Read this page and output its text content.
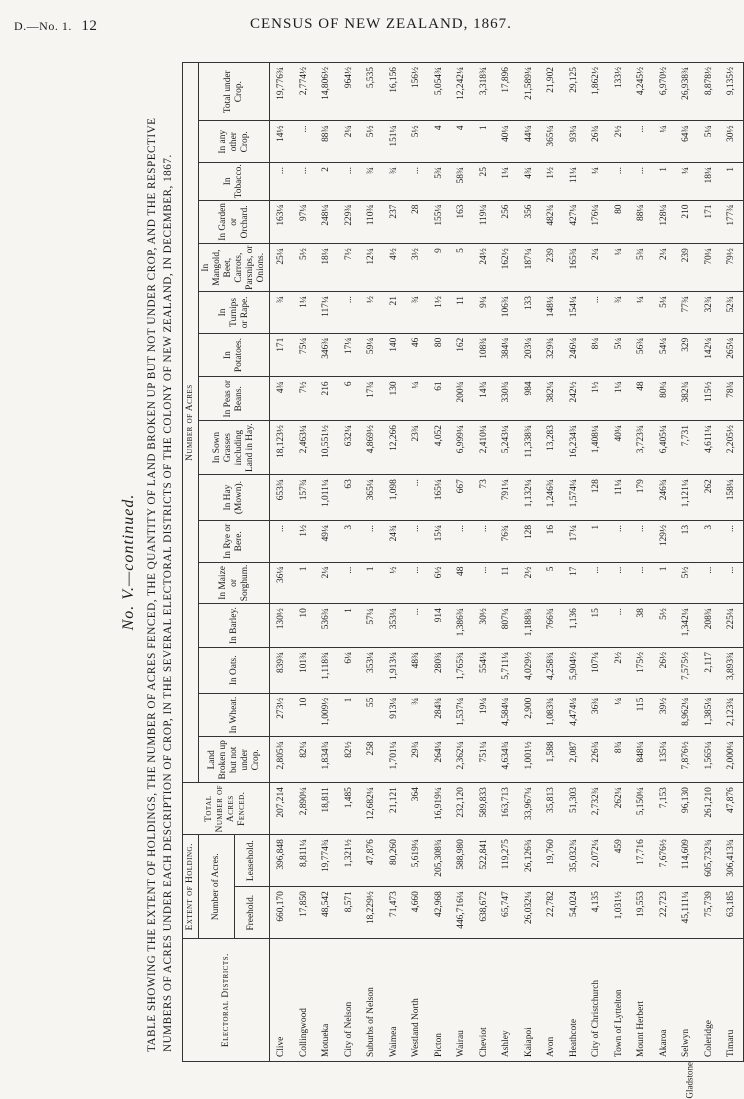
D.—No. 1. 12	CENSUS OF NEW ZEALAND, 1867.
No. V.—continued. TABLE SHOWING THE EXTENT OF HOLDINGS, THE NUMBER OF ACRES FENCED, THE QUANTITY OF LAND BROKEN UP BUT NOT UNDER CROP, AND THE RESPECTIVE NUMBERS OF ACRES UNDER EACH DESCRIPTION OF CROP, IN THE SEVERAL ELECTORAL DISTRICTS OF THE COLONY OF NEW ZEALAND, IN DECEMBER, 1867.	Electoral Districts.	Extent of Holding.		Total Number of Acres Fenced.	Number of Acres															
	Number of Acres.			Land Broken up but not under Crop.	In Wheat.	In Oats.	In Barley.	In Maize or Sorghum.	In Rye or Bere.	In Hay (Mown).	In Sown Grasses including Land in Hay.	In Peas or Beans.	In Potatoes.	In Turnips or Rape.	In Mangold, Beet, Carrots, Parsnips, or Onions.	In Garden or Orchard.	In Tobacco.	In any other Crop.	Total under Crop.
	Freehold.	Leasehold.																	
Clive	660,170	396,848	207,214	2,805¾	273½	839¾	130½	36¼	...	653¾	18,123½	4¾	171	¾	25¼	163¼	...	14½	19,776¾
Collingwood	17,850	8,811¼	2,890¼	82¼	10	101¾	10	1	1½	157¾	2,463¼	7½	75¼	1¼	5½	97¼	...	...	2,774½
Motueka	48,542	19,774¾	18,811	1,834¾	1,009½	1,118¾	536¾	2¼	49¼	1,011¼	10,551½	216	346¾	117¼	18¼	248¼	2	88¾	14,806½
City of Nelson	8,571	1,321½	1,485	82½	1	6¼	1	...	3	63	632¼	6	17¼	...	7½	229¾	...	2¼	964½
Suburbs of Nelson	18,229½	47,876	12,682¼	258	55	353¼	57¼	1	...	365¼	4,869½	17¾	59¼	½	12¼	110¾	¾	5½	5,535
Waimea	71,473	80,260	21,121	1,701¼	913¼	1,913¼	353¼	½	24¾	1,098	12,266	130	140	21	4½	237	¾	151¼	16,156
Westland North	4,660	5,619¼	364	29¾	¾	48¾	...	...	...	...	23¾	¼	46	¾	3½	28	...	5½	156½
Picton	42,968	205,308¾	16,919¼	264¼	284¾	280¾	914	6½	15¼	165¼	4,052	61	80	1½	9	155¼	5¾	4	5,054¾
Wairau	446,716¼	588,980	232,120	2,362¼	1,537¼	1,765¾	1,386¾	48	...	667	6,999¼	200¾	162	11	5	163	58¾	4	12,242¼
Cheviot	638,672	522,841	589,833	751¼	19¼	554¼	30½	...	...	73	2,410¼	14¾	108¾	9¼	24½	119¼	25	1	3,318¾
Ashley	65,747	119,275	163,713	4,634¾	4,584¼	5,711¼	807¼	11	76¾	791¼	5,243¼	330¾	384¼	106¾	162½	256	1¼	40¼	17,896
Kaiapoi	26,032¼	26,126¾	33,967¼	1,001½	2,900	4,029½	1,188¾	2½	128	1,132¼	11,338¾	984	203¼	133	187¼	356	4¾	44¼	21,589¼
Avon	22,782	19,760	35,813	1,588	1,083¾	4,258¾	766¾	5	16	1,246¾	13,283	382¼	329¾	148¼	239	482¾	1½	365¼	21,902
Heathcote	54,024	35,032¾	51,303	2,087	4,474¼	5,904½	1,136	17	17¼	1,574¼	16,234¾	242½	246¼	154¼	165¾	427¼	11¼	93¼	29,125
City of Christchurch	4,135	2,072¼	2,732¾	226¾	36¾	107¼	15	...	1	128	1,408¼	1½	8¼	...	2¼	176¼	¼	26¾	1,862½
Town of Lyttelton	1,031½	459	262¼	8¾	¼	2½	...	...	...	11¼	40¼	1¼	5¼	¾	¼	80	...	2½	133½
Mount Herbert	19,553	17,716	5,150¼	848¼	115	175½	38	...	...	179	3,723¾	48	56¾	¼	5¾	88¼	...	...	4,245½
Akaroa	22,723	7,676½	7,153	135¼	39½	26½	5½	1	129½	246¾	6,405¼	80¼	54¼	5¼	2¼	128¼	1	¼	6,970½
Selwyn	45,111¼	114,609	96,130	7,876½	8,962¼	7,575½	1,342¼	5½	13	1,121¼	7,731	382¾	329	77¾	239	210	¼	64¾	26,938¾
Coleridge	75,739	605,732¾	261,210	1,565¼	1,385¼	2,117	208¾	...	3	262	4,611¼	115½	142¼	32¾	70¼	171	18¼	5¼	8,878½
Timaru	63,185	306,413¾	47,876	2,000¼	2,123¾	3,893¾	225¼	...	...	158¼	2,205½	78¾	265¼	52¾	79½	177¾	1	30½	9,135½
Gladstone
